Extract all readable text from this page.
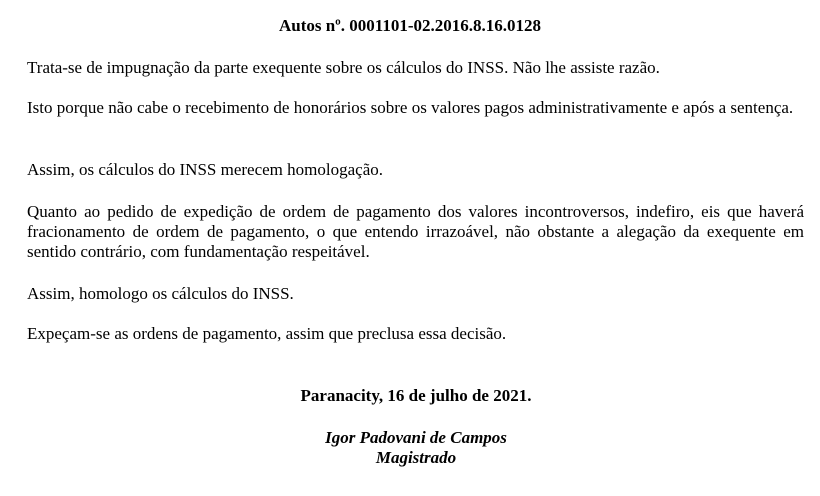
Autos nº. 0001101-02.2016.8.16.0128

Trata-se de impugnação da parte exequente sobre os cálculos do INSS. Não lhe assiste razão.

Isto porque não cabe o recebimento de honorários sobre os valores pagos administrativamente e após a sentença.

Assim, os cálculos do INSS merecem homologação.

Quanto ao pedido de expedição de ordem de pagamento dos valores incontroversos, indefiro, eis que haverá fracionamento de ordem de pagamento, o que entendo irrazoável, não obstante a alegação da exequente em sentido contrário, com fundamentação respeitável.

Assim, homologo os cálculos do INSS.

Expeçam-se as ordens de pagamento, assim que preclusa essa decisão.

Paranacity, 16 de julho de 2021.
Igor Padovani de Campos
Magistrado
